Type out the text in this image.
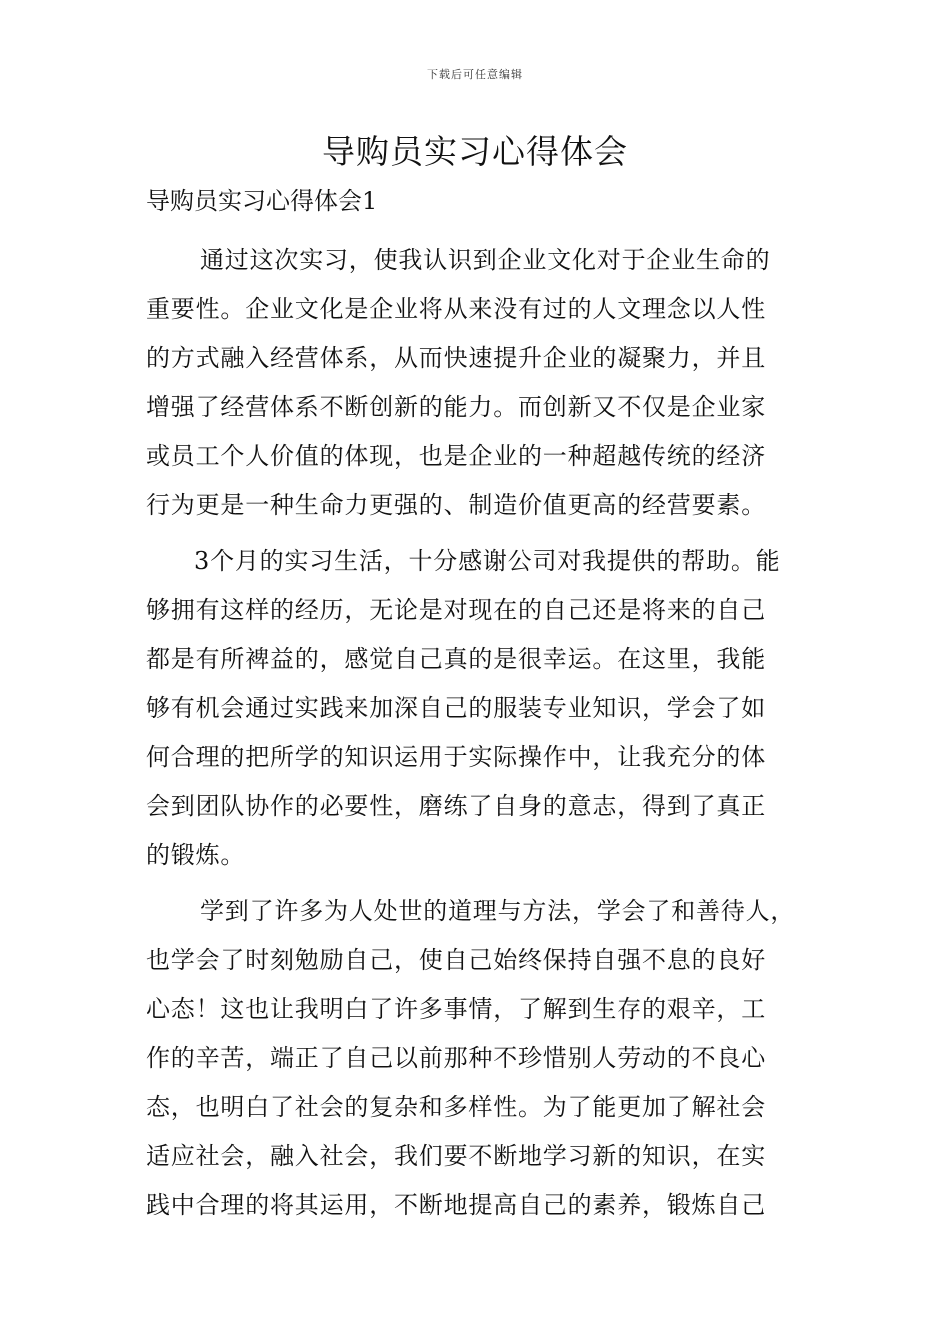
下载后可任意编辑
导购员实习心得体会

导购员实习心得体会1

通过这次实习，使我认识到企业文化对于企业生命的
重要性。企业文化是企业将从来没有过的人文理念以人性
的方式融入经营体系，从而快速提升企业的凝聚力，并且
增强了经营体系不断创新的能力。而创新又不仅是企业家
或员工个人价值的体现，也是企业的一种超越传统的经济
行为更是一种生命力更强的、制造价值更高的经营要素。

3个月的实习生活，十分感谢公司对我提供的帮助。能
够拥有这样的经历，无论是对现在的自己还是将来的自己
都是有所裨益的，感觉自己真的是很幸运。在这里，我能
够有机会通过实践来加深自己的服装专业知识，学会了如
何合理的把所学的知识运用于实际操作中，让我充分的体
会到团队协作的必要性，磨练了自身的意志，得到了真正
的锻炼。

学到了许多为人处世的道理与方法，学会了和善待人，
也学会了时刻勉励自己，使自己始终保持自强不息的良好
心态！这也让我明白了许多事情，了解到生存的艰辛，工
作的辛苦，端正了自己以前那种不珍惜别人劳动的不良心
态，也明白了社会的复杂和多样性。为了能更加了解社会
适应社会，融入社会，我们要不断地学习新的知识，在实
践中合理的将其运用，不断地提高自己的素养，锻炼自己
